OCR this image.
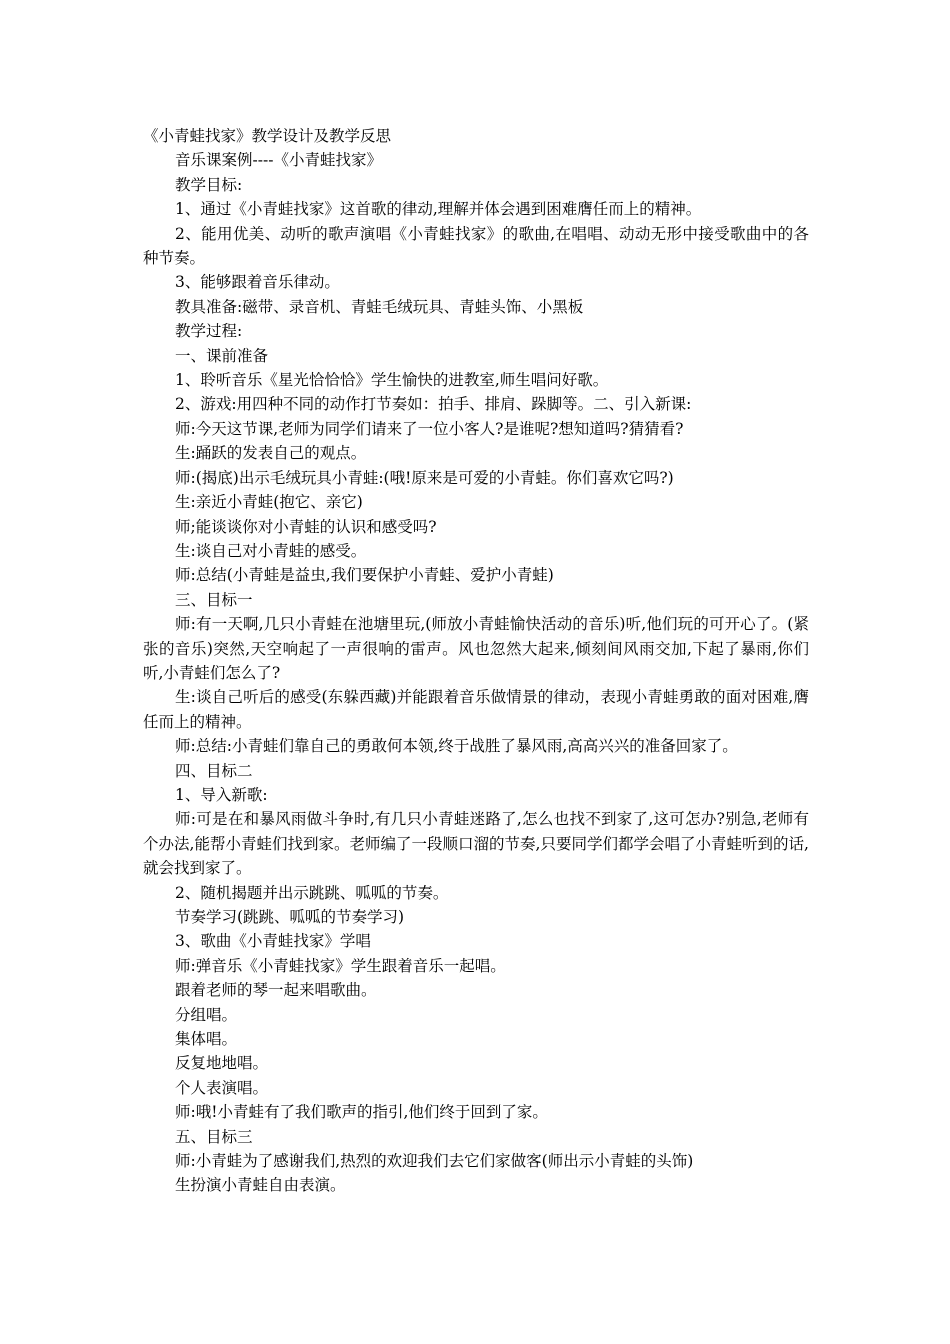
《小青蛙找家》教学设计及教学反思

音乐课案例----《小青蛙找家》

教学目标:

1、通过《小青蛙找家》这首歌的律动,理解并体会遇到困难膺任而上的精神。

2、能用优美、动听的歌声演唱《小青蛙找家》的歌曲,在唱唱、动动无形中接受歌曲中的各种节奏。

3、能够跟着音乐律动。

教具准备:磁带、录音机、青蛙毛绒玩具、青蛙头饰、小黑板

教学过程:

一、课前准备

1、聆听音乐《星光恰恰恰》学生愉快的进教室,师生唱问好歌。

2、游戏:用四种不同的动作打节奏如：拍手、排肩、跺脚等。二、引入新课:

师:今天这节课,老师为同学们请来了一位小客人?是谁呢?想知道吗?猜猜看?

生:踊跃的发表自己的观点。

师:(揭底)出示毛绒玩具小青蛙:(哦!原来是可爱的小青蛙。你们喜欢它吗?)

生:亲近小青蛙(抱它、亲它)

师;能谈谈你对小青蛙的认识和感受吗?

生:谈自己对小青蛙的感受。

师:总结(小青蛙是益虫,我们要保护小青蛙、爱护小青蛙)

三、目标一

师:有一天啊,几只小青蛙在池塘里玩,(师放小青蛙愉快活动的音乐)听,他们玩的可开心了。(紧张的音乐)突然,天空响起了一声很响的雷声。风也忽然大起来,倾刻间风雨交加,下起了暴雨,你们听,小青蛙们怎么了?

生:谈自己听后的感受(东躲西藏)并能跟着音乐做情景的律动，表现小青蛙勇敢的面对困难,膺任而上的精神。

师:总结:小青蛙们靠自己的勇敢何本领,终于战胜了暴风雨,高高兴兴的准备回家了。

四、目标二

1、导入新歌:

师:可是在和暴风雨做斗争时,有几只小青蛙迷路了,怎么也找不到家了,这可怎办?别急,老师有个办法,能帮小青蛙们找到家。老师编了一段顺口溜的节奏,只要同学们都学会唱了小青蛙听到的话,就会找到家了。

2、随机揭题并出示跳跳、呱呱的节奏。

节奏学习(跳跳、呱呱的节奏学习)

3、歌曲《小青蛙找家》学唱

师:弹音乐《小青蛙找家》学生跟着音乐一起唱。

跟着老师的琴一起来唱歌曲。

分组唱。

集体唱。

反复地地唱。

个人表演唱。

师:哦!小青蛙有了我们歌声的指引,他们终于回到了家。

五、目标三

师:小青蛙为了感谢我们,热烈的欢迎我们去它们家做客(师出示小青蛙的头饰)

生扮演小青蛙自由表演。
